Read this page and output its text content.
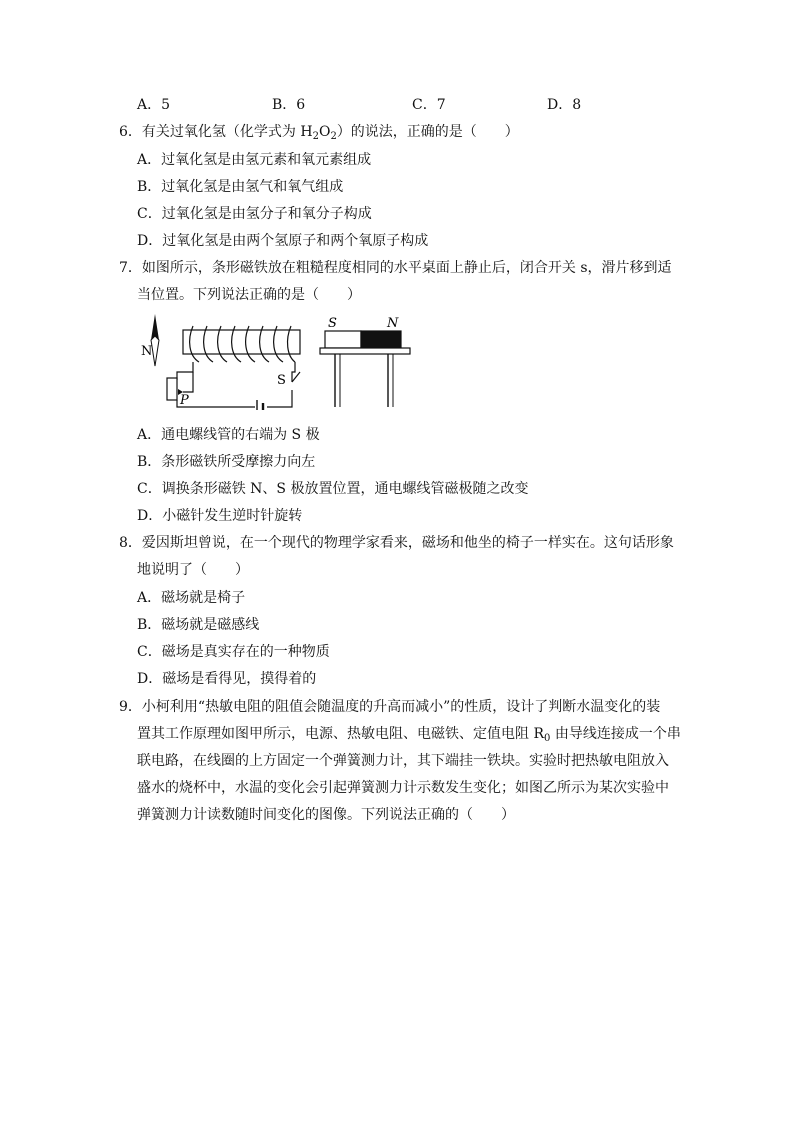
A．5	B．6	C．7	D．8
6．有关过氧化氢（化学式为 $H_2O_2$）的说法，正确的是（　　）
A．过氧化氢是由氢元素和氧元素组成
B．过氧化氢是由氢气和氧气组成
C．过氧化氢是由氢分子和氧分子构成
D．过氧化氢是由两个氢原子和两个氧原子构成
7．如图所示，条形磁铁放在粗糙程度相同的水平桌面上静止后，闭合开关 s，滑片移到适
当位置。下列说法正确的是（　　）
N
P
S
S	N
A．通电螺线管的右端为 S 极
B．条形磁铁所受摩擦力向左
C．调换条形磁铁 N、S 极放置位置，通电螺线管磁极随之改变
D．小磁针发生逆时针旋转
8．爱因斯坦曾说，在一个现代的物理学家看来，磁场和他坐的椅子一样实在。这句话形象
地说明了（　　）
A．磁场就是椅子
B．磁场就是磁感线
C．磁场是真实存在的一种物质
D．磁场是看得见，摸得着的
9．小柯利用“热敏电阻的阻值会随温度的升高而减小”的性质，设计了判断水温变化的装
置其工作原理如图甲所示，电源、热敏电阻、电磁铁、定值电阻 $R_0$ 由导线连接成一个串
联电路，在线圈的上方固定一个弹簧测力计，其下端挂一铁块。实验时把热敏电阻放入
盛水的烧杯中，水温的变化会引起弹簧测力计示数发生变化；如图乙所示为某次实验中
弹簧测力计读数随时间变化的图像。下列说法正确的（　　）
